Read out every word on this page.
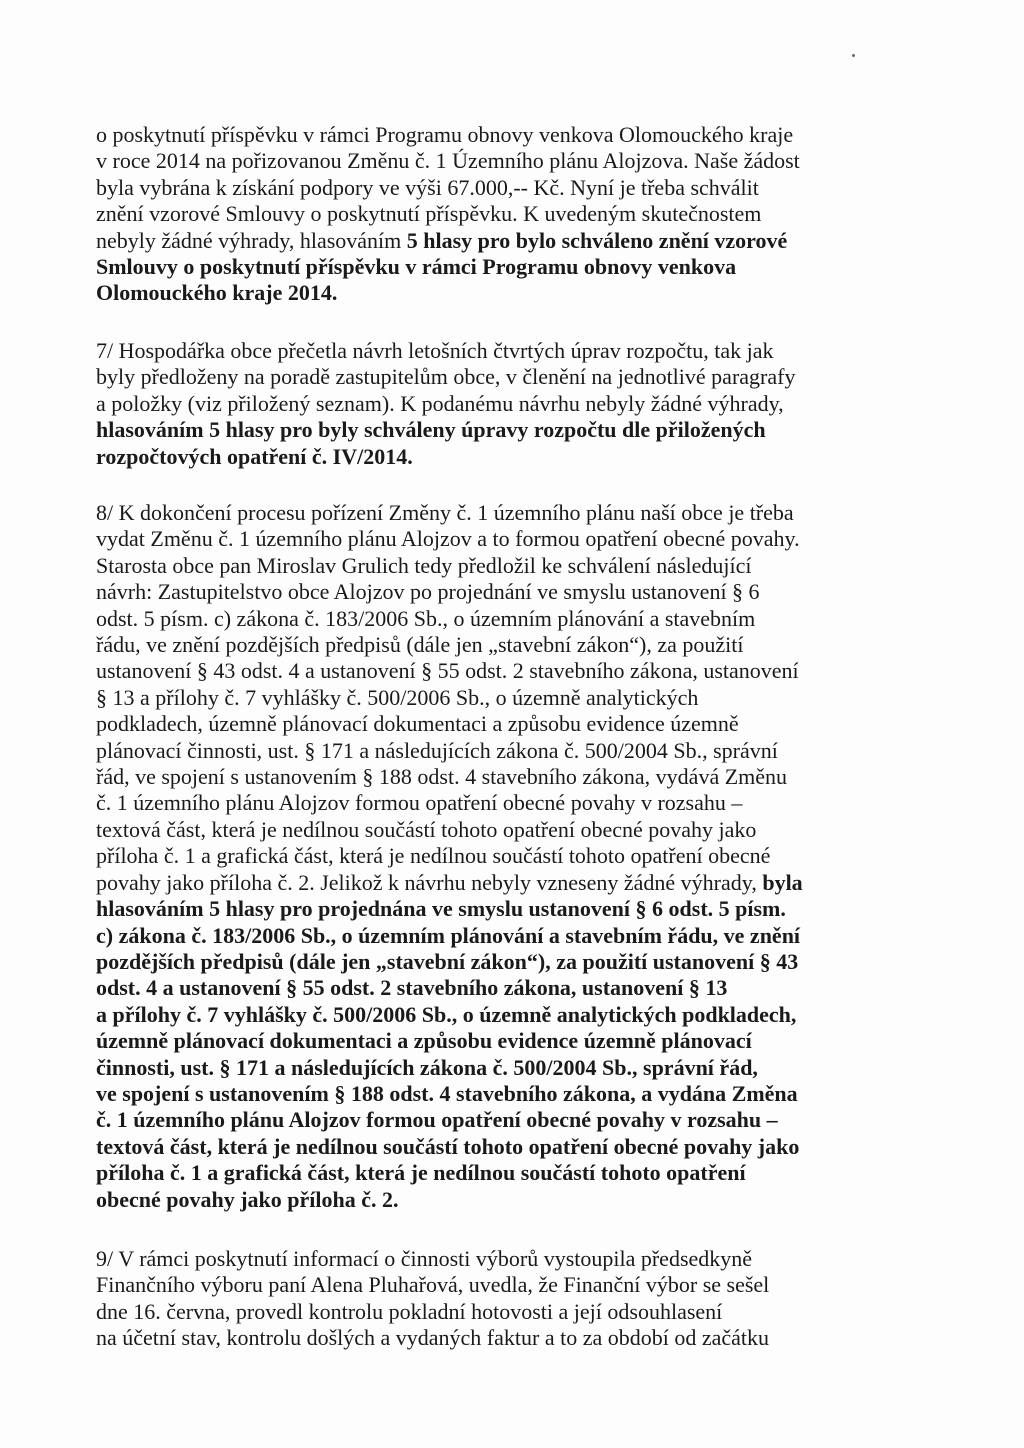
o poskytnutí příspěvku v rámci Programu obnovy venkova Olomouckého kraje
v roce 2014 na pořizovanou Změnu č. 1 Územního plánu Alojzova. Naše žádost
byla vybrána k získání podpory ve výši 67.000,-- Kč. Nyní je třeba schválit
znění vzorové Smlouvy o poskytnutí příspěvku. K uvedeným skutečnostem
nebyly žádné výhrady, hlasováním 5 hlasy pro bylo schváleno znění vzorové
Smlouvy o poskytnutí příspěvku v rámci Programu obnovy venkova
Olomouckého kraje 2014.
7/ Hospodářka obce přečetla návrh letošních čtvrtých úprav rozpočtu, tak jak
byly předloženy na poradě zastupitelům obce, v členění na jednotlivé paragrafy
a položky (viz přiložený seznam). K podanému návrhu nebyly žádné výhrady,
hlasováním 5 hlasy pro byly schváleny úpravy rozpočtu dle přiložených
rozpočtových opatření č. IV/2014.
8/ K dokončení procesu pořízení Změny č. 1 územního plánu naší obce je třeba
vydat Změnu č. 1 územního plánu Alojzov a to formou opatření obecné povahy.
Starosta obce pan Miroslav Grulich tedy předložil ke schválení následující
návrh: Zastupitelstvo obce Alojzov po projednání ve smyslu ustanovení § 6
odst. 5 písm. c) zákona č. 183/2006 Sb., o územním plánování a stavebním
řádu, ve znění pozdějších předpisů (dále jen „stavební zákon“), za použití
ustanovení § 43 odst. 4 a ustanovení § 55 odst. 2 stavebního zákona, ustanovení
§ 13 a přílohy č. 7 vyhlášky č. 500/2006 Sb., o územně analytických
podkladech, územně plánovací dokumentaci a způsobu evidence územně
plánovací činnosti, ust. § 171 a následujících zákona č. 500/2004 Sb., správní
řád, ve spojení s ustanovením § 188 odst. 4 stavebního zákona, vydává Změnu
č. 1 územního plánu Alojzov formou opatření obecné povahy v rozsahu –
textová část, která je nedílnou součástí tohoto opatření obecné povahy jako
příloha č. 1 a grafická část, která je nedílnou součástí tohoto opatření obecné
povahy jako příloha č. 2. Jelikož k návrhu nebyly vzneseny žádné výhrady, byla
hlasováním 5 hlasy pro projednána ve smyslu ustanovení § 6 odst. 5 písm.
c) zákona č. 183/2006 Sb., o územním plánování a stavebním řádu, ve znění
pozdějších předpisů (dále jen „stavební zákon“), za použití ustanovení § 43
odst. 4 a ustanovení § 55 odst. 2 stavebního zákona, ustanovení § 13
a přílohy č. 7 vyhlášky č. 500/2006 Sb., o územně analytických podkladech,
územně plánovací dokumentaci a způsobu evidence územně plánovací
činnosti, ust. § 171 a následujících zákona č. 500/2004 Sb., správní řád,
ve spojení s ustanovením § 188 odst. 4 stavebního zákona, a vydána Změna
č. 1 územního plánu Alojzov formou opatření obecné povahy v rozsahu –
textová část, která je nedílnou součástí tohoto opatření obecné povahy jako
příloha č. 1 a grafická část, která je nedílnou součástí tohoto opatření
obecné povahy jako příloha č. 2.
9/ V rámci poskytnutí informací o činnosti výborů vystoupila předsedkyně
Finančního výboru paní Alena Pluhařová, uvedla, že Finanční výbor se sešel
dne 16. června, provedl kontrolu pokladní hotovosti a její odsouhlasení
na účetní stav, kontrolu došlých a vydaných faktur a to za období od začátku
